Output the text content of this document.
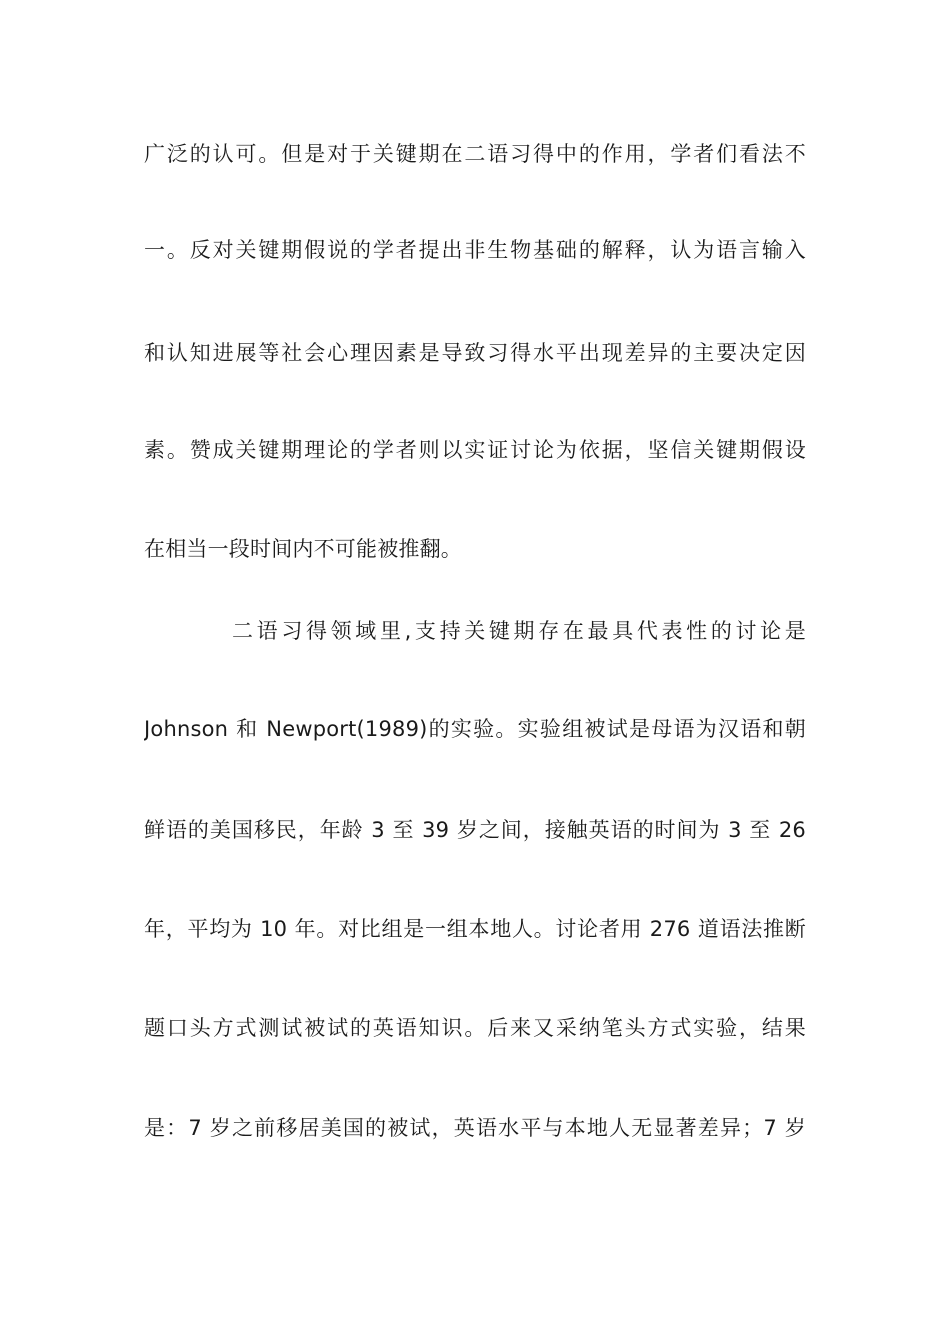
广泛的认可。但是对于关键期在二语习得中的作用，学者们看法不
一。反对关键期假说的学者提出非生物基础的解释，认为语言输入
和认知进展等社会心理因素是导致习得水平出现差异的主要决定因
素。赞成关键期理论的学者则以实证讨论为依据，坚信关键期假设
在相当一段时间内不可能被推翻。
二语习得领域里,支持关键期存在最具代表性的讨论是
Johnson 和 Newport(1989)的实验。实验组被试是母语为汉语和朝
鲜语的美国移民，年龄 3 至 39 岁之间，接触英语的时间为 3 至 26
年，平均为 10 年。对比组是一组本地人。讨论者用 276 道语法推断
题口头方式测试被试的英语知识。后来又采纳笔头方式实验，结果
是：7 岁之前移居美国的被试，英语水平与本地人无显著差异；7 岁
